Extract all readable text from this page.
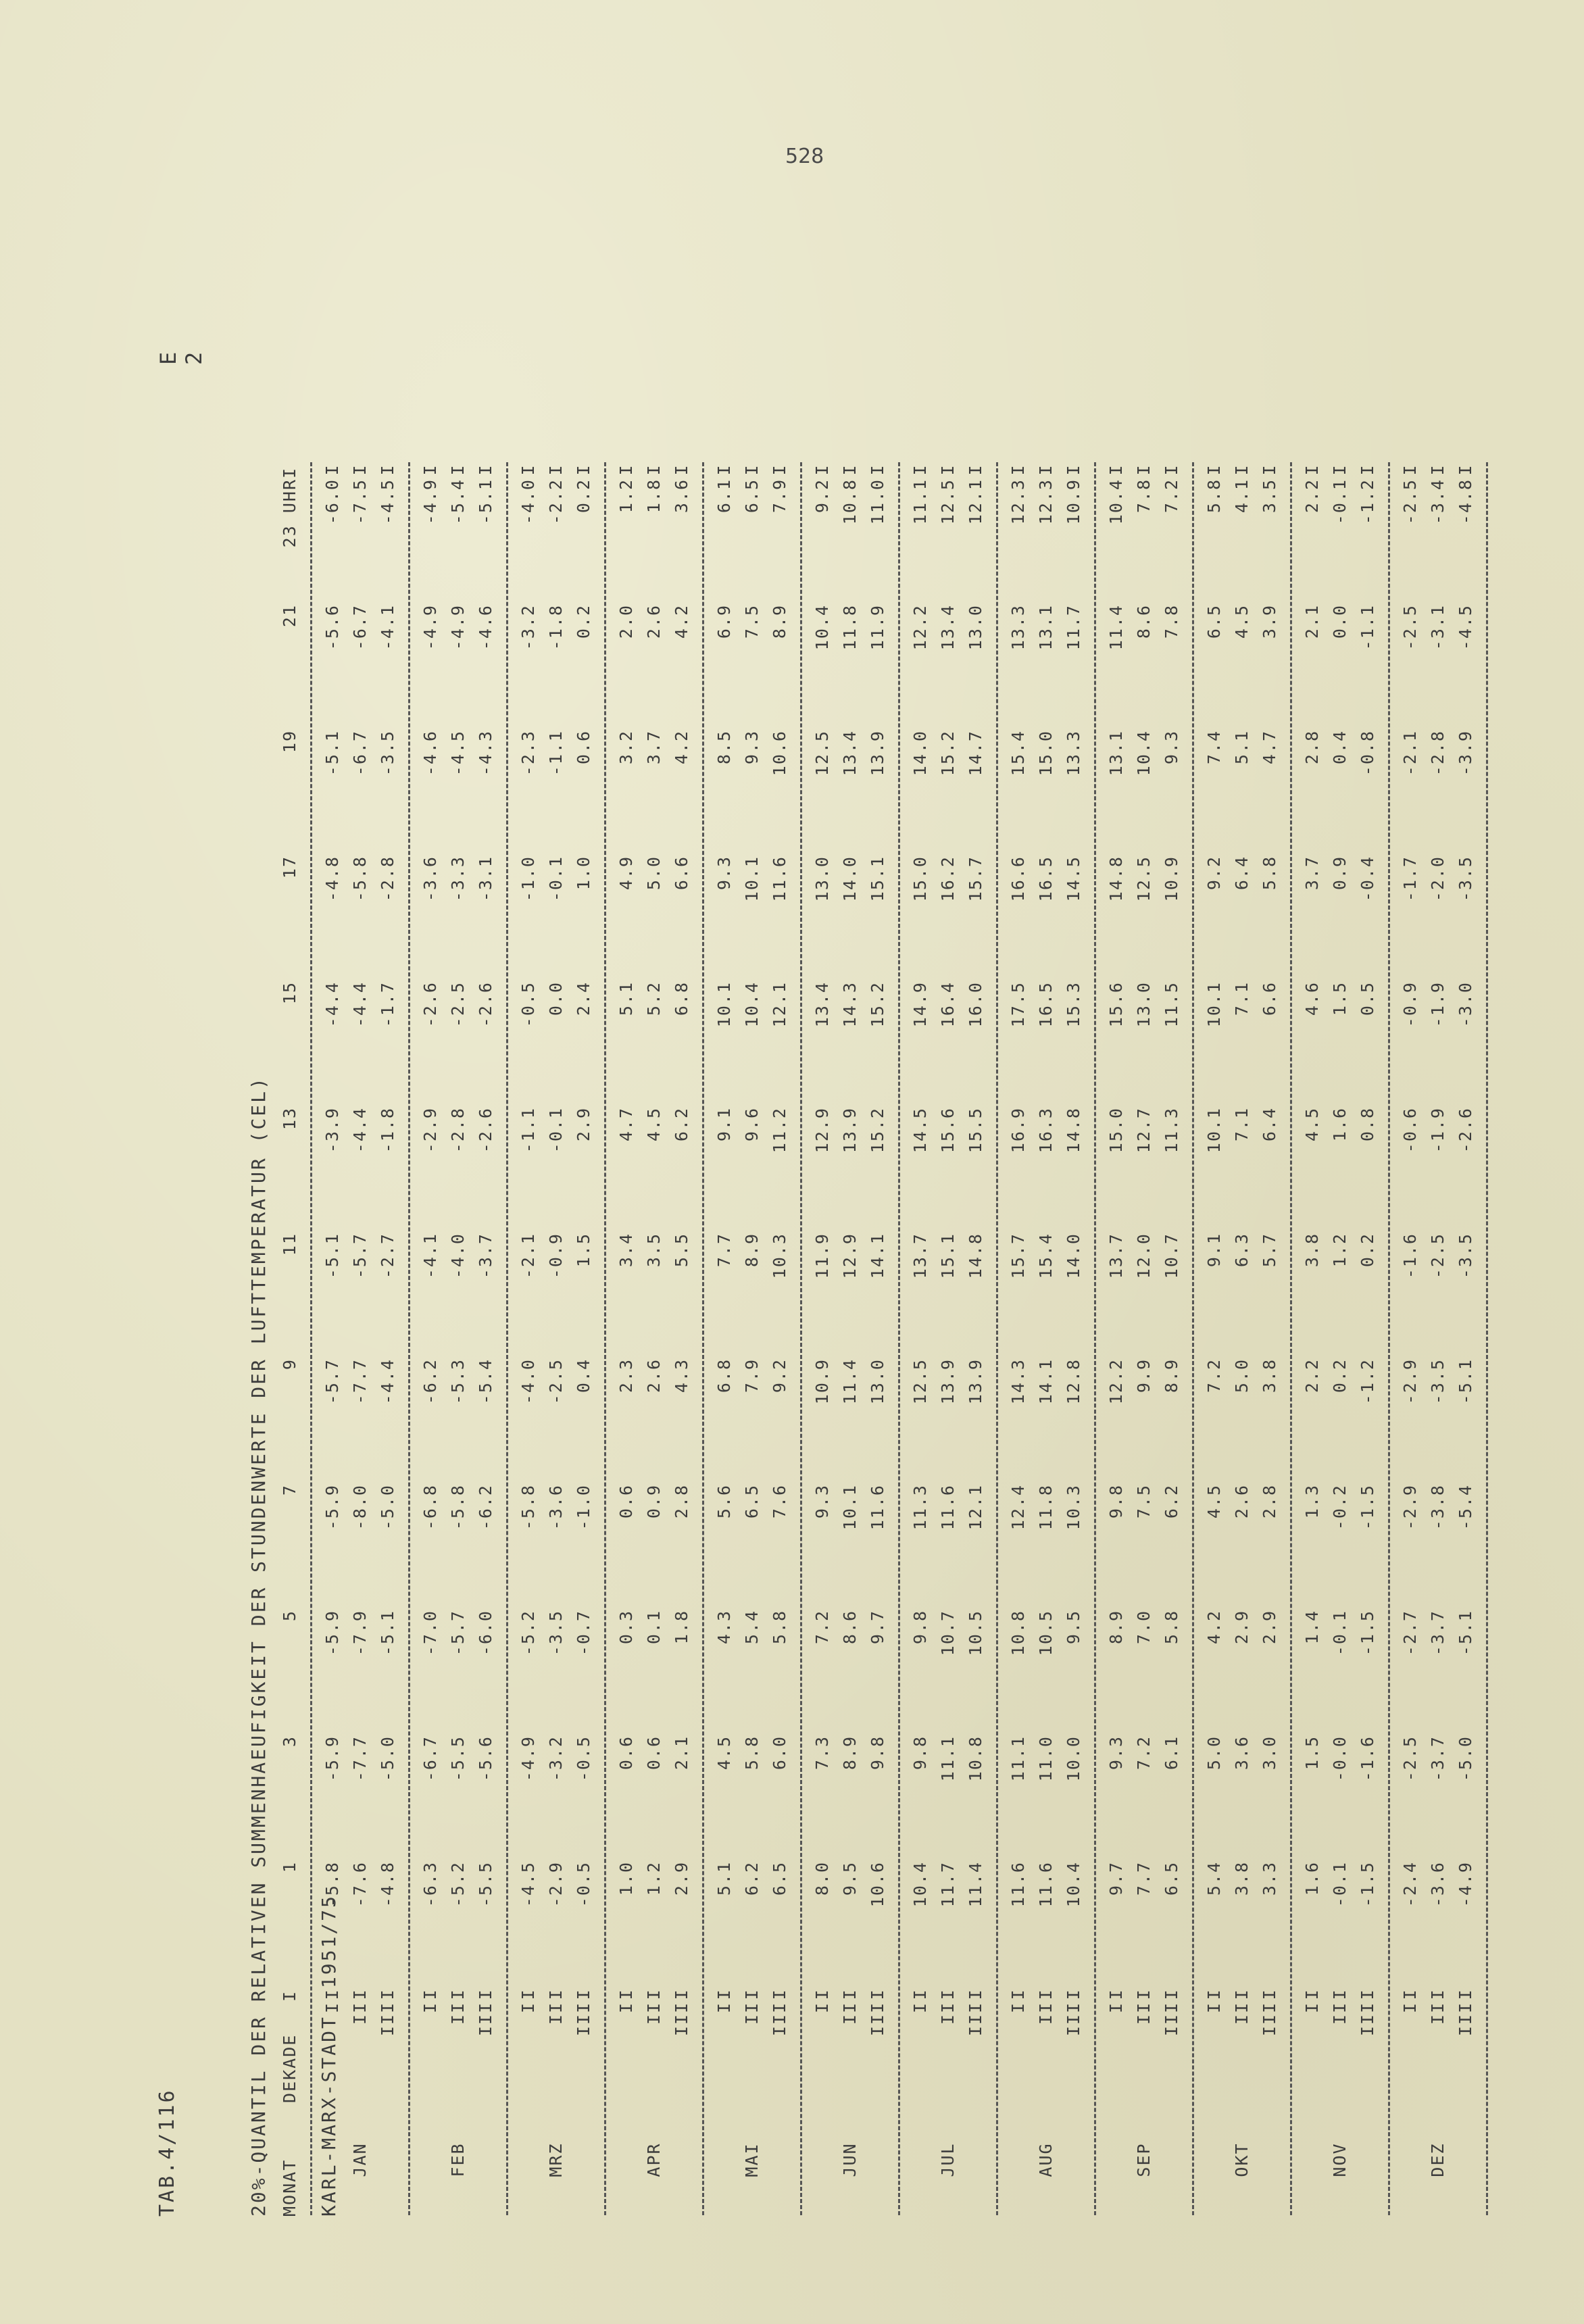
528
TAB.4/116
E 2

20%-QUANTIL DER RELATIVEN SUMMENHAEUFIGKEIT DER STUNDENWERTE DER LUFTTEMPERATUR (CEL)

	KARL-MARX-STADT1951/75

MONAT	DEKADE	I	1	3	5	7	9	11	13	15	17	19	21	23 UHR	I

	I	I	-5.8	-5.9	-5.9	-5.9	-5.7	-5.1	-3.9	-4.4	-4.8	-5.1	-5.6	-6.0	I
JAN	II	I	-7.6	-7.7	-7.9	-8.0	-7.7	-5.7	-4.4	-4.4	-5.8	-6.7	-6.7	-7.5	I
	III	I	-4.8	-5.0	-5.1	-5.0	-4.4	-2.7	-1.8	-1.7	-2.8	-3.5	-4.1	-4.5	I

	I	I	-6.3	-6.7	-7.0	-6.8	-6.2	-4.1	-2.9	-2.6	-3.6	-4.6	-4.9	-4.9	I
FEB	II	I	-5.2	-5.5	-5.7	-5.8	-5.3	-4.0	-2.8	-2.5	-3.3	-4.5	-4.9	-5.4	I
	III	I	-5.5	-5.6	-6.0	-6.2	-5.4	-3.7	-2.6	-2.6	-3.1	-4.3	-4.6	-5.1	I

	I	I	-4.5	-4.9	-5.2	-5.8	-4.0	-2.1	-1.1	-0.5	-1.0	-2.3	-3.2	-4.0	I
MRZ	II	I	-2.9	-3.2	-3.5	-3.6	-2.5	-0.9	-0.1	0.0	-0.1	-1.1	-1.8	-2.2	I
	III	I	-0.5	-0.5	-0.7	-1.0	0.4	1.5	2.9	2.4	1.0	0.6	0.2	0.2	I

	I	I	1.0	0.6	0.3	0.6	2.3	3.4	4.7	5.1	4.9	3.2	2.0	1.2	I
APR	II	I	1.2	0.6	0.1	0.9	2.6	3.5	4.5	5.2	5.0	3.7	2.6	1.8	I
	III	I	2.9	2.1	1.8	2.8	4.3	5.5	6.2	6.8	6.6	4.2	4.2	3.6	I

	I	I	5.1	4.5	4.3	5.6	6.8	7.7	9.1	10.1	9.3	8.5	6.9	6.1	I
MAI	II	I	6.2	5.8	5.4	6.5	7.9	8.9	9.6	10.4	10.1	9.3	7.5	6.5	I
	III	I	6.5	6.0	5.8	7.6	9.2	10.3	11.2	12.1	11.6	10.6	8.9	7.9	I

	I	I	8.0	7.3	7.2	9.3	10.9	11.9	12.9	13.4	13.0	12.5	10.4	9.2	I
JUN	II	I	9.5	8.9	8.6	10.1	11.4	12.9	13.9	14.3	14.0	13.4	11.8	10.8	I
	III	I	10.6	9.8	9.7	11.6	13.0	14.1	15.2	15.2	15.1	13.9	11.9	11.0	I

	I	I	10.4	9.8	9.8	11.3	12.5	13.7	14.5	14.9	15.0	14.0	12.2	11.1	I
JUL	II	I	11.7	11.1	10.7	11.6	13.9	15.1	15.6	16.4	16.2	15.2	13.4	12.5	I
	III	I	11.4	10.8	10.5	12.1	13.9	14.8	15.5	16.0	15.7	14.7	13.0	12.1	I

	I	I	11.6	11.1	10.8	12.4	14.3	15.7	16.9	17.5	16.6	15.4	13.3	12.3	I
AUG	II	I	11.6	11.0	10.5	11.8	14.1	15.4	16.3	16.5	16.5	15.0	13.1	12.3	I
	III	I	10.4	10.0	9.5	10.3	12.8	14.0	14.8	15.3	14.5	13.3	11.7	10.9	I

	I	I	9.7	9.3	8.9	9.8	12.2	13.7	15.0	15.6	14.8	13.1	11.4	10.4	I
SEP	II	I	7.7	7.2	7.0	7.5	9.9	12.0	12.7	13.0	12.5	10.4	8.6	7.8	I
	III	I	6.5	6.1	5.8	6.2	8.9	10.7	11.3	11.5	10.9	9.3	7.8	7.2	I

	I	I	5.4	5.0	4.2	4.5	7.2	9.1	10.1	10.1	9.2	7.4	6.5	5.8	I
OKT	II	I	3.8	3.6	2.9	2.6	5.0	6.3	7.1	7.1	6.4	5.1	4.5	4.1	I
	III	I	3.3	3.0	2.9	2.8	3.8	5.7	6.4	6.6	5.8	4.7	3.9	3.5	I

	I	I	1.6	1.5	1.4	1.3	2.2	3.8	4.5	4.6	3.7	2.8	2.1	2.2	I
NOV	II	I	-0.1	-0.0	-0.1	-0.2	0.2	1.2	1.6	1.5	0.9	0.4	0.0	-0.1	I
	III	I	-1.5	-1.6	-1.5	-1.5	-1.2	0.2	0.8	0.5	-0.4	-0.8	-1.1	-1.2	I

	I	I	-2.4	-2.5	-2.7	-2.9	-2.9	-1.6	-0.6	-0.9	-1.7	-2.1	-2.5	-2.5	I
DEZ	II	I	-3.6	-3.7	-3.7	-3.8	-3.5	-2.5	-1.9	-1.9	-2.0	-2.8	-3.1	-3.4	I
	III	I	-4.9	-5.0	-5.1	-5.4	-5.1	-3.5	-2.6	-3.0	-3.5	-3.9	-4.5	-4.8	I
